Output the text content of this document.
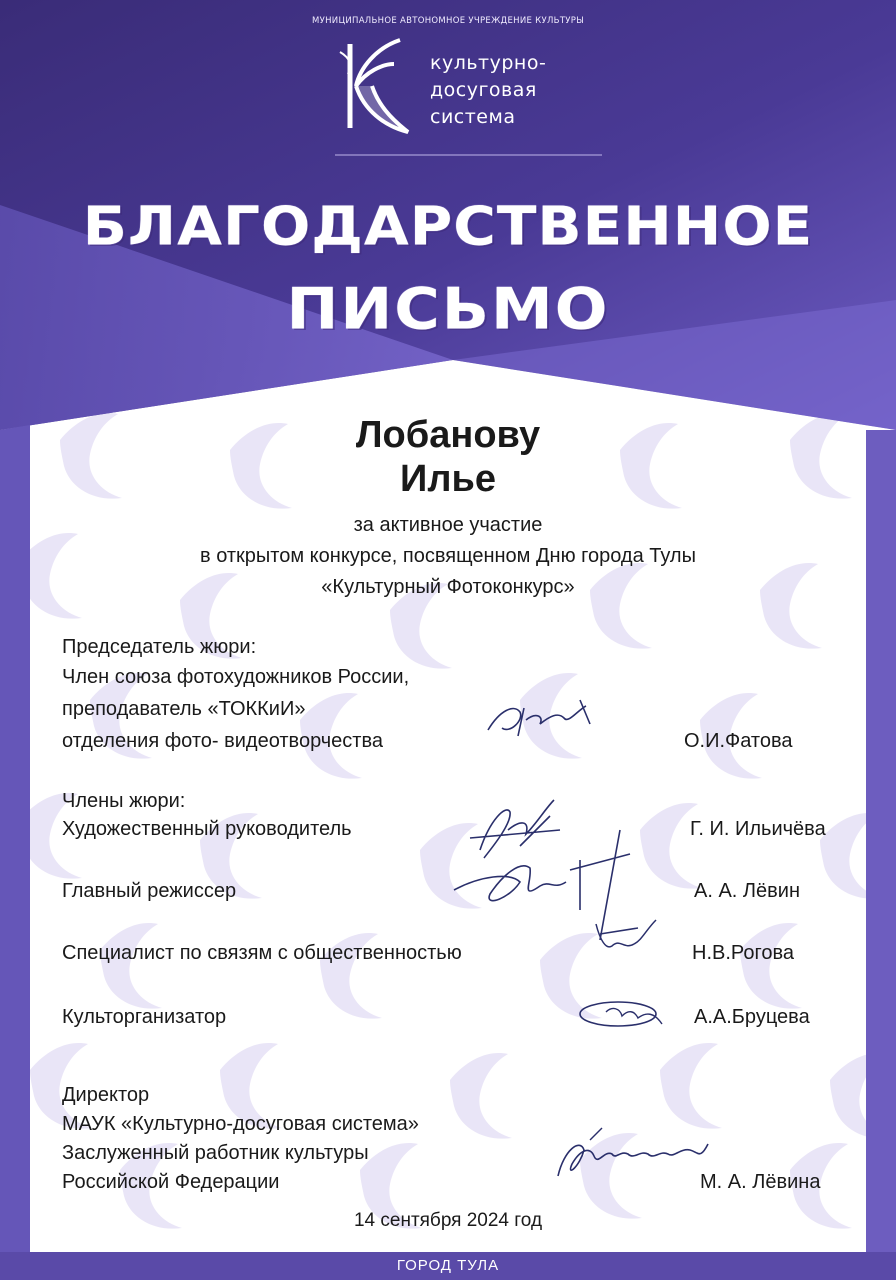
МУНИЦИПАЛЬНОЕ АВТОНОМНОЕ УЧРЕЖДЕНИЕ КУЛЬТУРЫ
культурно-
досуговая
система
БЛАГОДАРСТВЕННОЕ
ПИСЬМО
Лобанову
Илье
за активное участие
в открытом конкурсе, посвященном Дню города Тулы
«Культурный Фотоконкурс»
Председатель жюри:
Член союза фотохудожников России,
преподаватель «ТОККиИ»
отделения фото- видеотворчества	О.И.Фатова
Члены жюри:
Художественный руководитель	Г. И. Ильичёва
Главный режиссер	А. А. Лёвин
Специалист по связям с общественностью	Н.В.Рогова
Культорганизатор	А.А.Бруцева
Директор
МАУК «Культурно-досуговая система»
Заслуженный работник культуры
Российской Федерации	М. А. Лёвина
14 сентября 2024 год
ГОРОД ТУЛА
